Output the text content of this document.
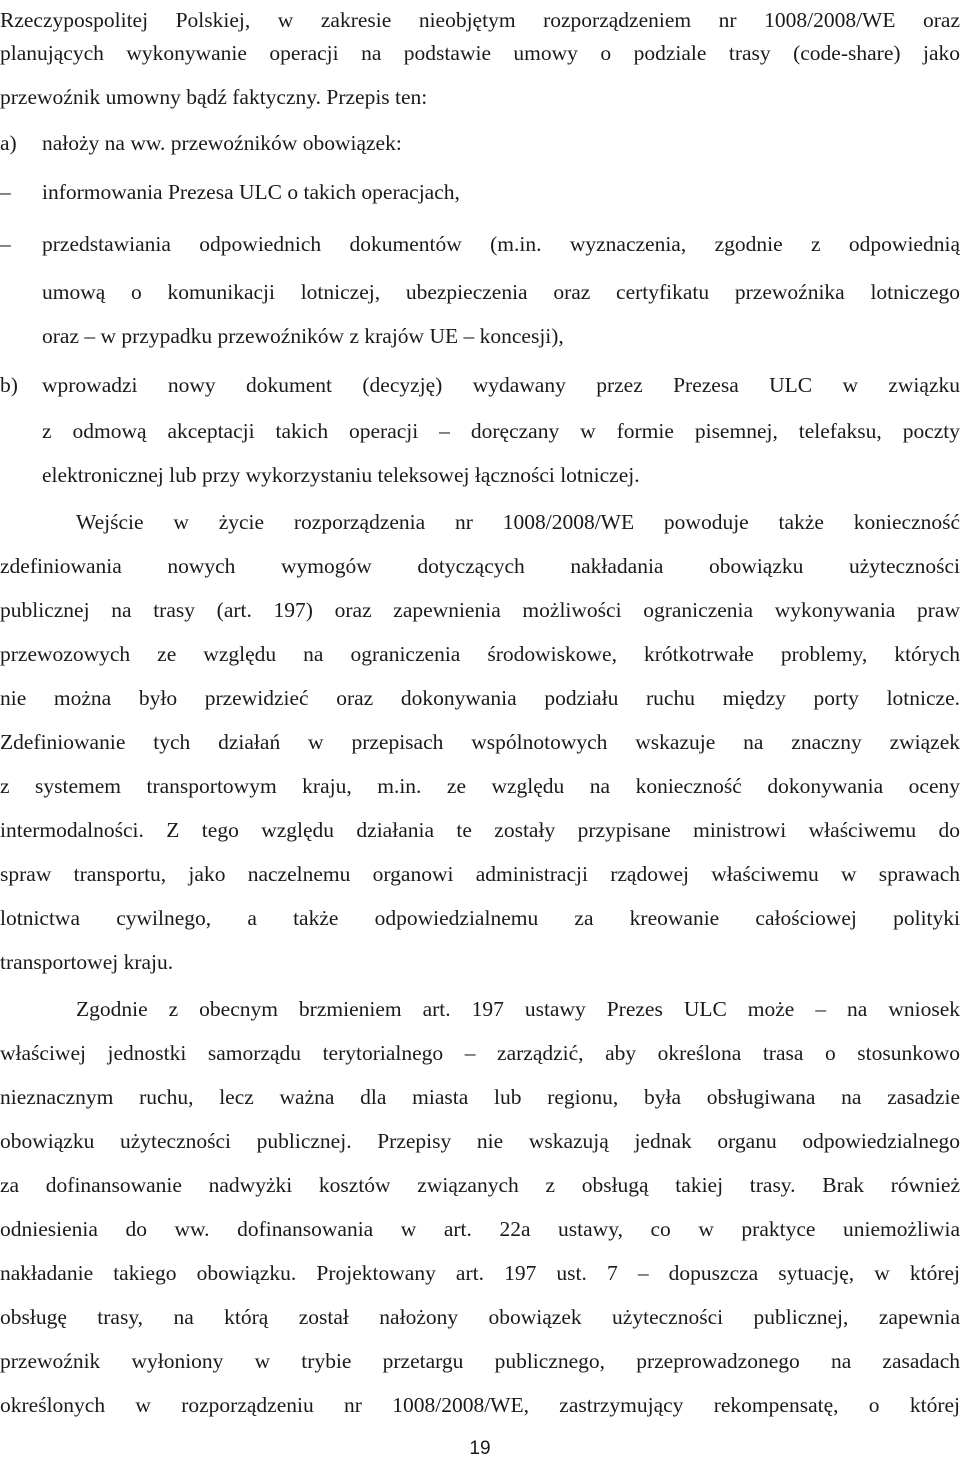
Rzeczypospolitej Polskiej, w zakresie nieobjętym rozporządzeniem nr 1008/2008/WE oraz
planujących wykonywanie operacji na podstawie umowy o podziale trasy (code-share) jako
przewoźnik umowny bądź faktyczny. Przepis ten:
a)	nałoży na ww. przewoźników obowiązek:
–	informowania Prezesa ULC o takich operacjach,
–	przedstawiania odpowiednich dokumentów (m.in. wyznaczenia, zgodnie z odpowiednią
umową o komunikacji lotniczej, ubezpieczenia oraz certyfikatu przewoźnika lotniczego
oraz – w przypadku przewoźników z krajów UE – koncesji),
b)	wprowadzi nowy dokument (decyzję) wydawany przez Prezesa ULC w związku
z odmową akceptacji takich operacji – doręczany w formie pisemnej, telefaksu, poczty
elektronicznej lub przy wykorzystaniu teleksowej łączności lotniczej.
Wejście w życie rozporządzenia nr 1008/2008/WE powoduje także konieczność
zdefiniowania nowych wymogów dotyczących nakładania obowiązku użyteczności
publicznej na trasy (art. 197) oraz zapewnienia możliwości ograniczenia wykonywania praw
przewozowych ze względu na ograniczenia środowiskowe, krótkotrwałe problemy, których
nie można było przewidzieć oraz dokonywania podziału ruchu między porty lotnicze.
Zdefiniowanie tych działań w przepisach wspólnotowych wskazuje na znaczny związek
z systemem transportowym kraju, m.in. ze względu na konieczność dokonywania oceny
intermodalności. Z tego względu działania te zostały przypisane ministrowi właściwemu do
spraw transportu, jako naczelnemu organowi administracji rządowej właściwemu w sprawach
lotnictwa cywilnego, a także odpowiedzialnemu za kreowanie całościowej polityki
transportowej kraju.
Zgodnie z obecnym brzmieniem art. 197 ustawy Prezes ULC może – na wniosek
właściwej jednostki samorządu terytorialnego – zarządzić, aby określona trasa o stosunkowo
nieznacznym ruchu, lecz ważna dla miasta lub regionu, była obsługiwana na zasadzie
obowiązku użyteczności publicznej. Przepisy nie wskazują jednak organu odpowiedzialnego
za dofinansowanie nadwyżki kosztów związanych z obsługą takiej trasy. Brak również
odniesienia do ww. dofinansowania w art. 22a ustawy, co w praktyce uniemożliwia
nakładanie takiego obowiązku. Projektowany art. 197 ust. 7 – dopuszcza sytuację, w której
obsługę trasy, na którą został nałożony obowiązek użyteczności publicznej, zapewnia
przewoźnik wyłoniony w trybie przetargu publicznego, przeprowadzonego na zasadach
określonych w rozporządzeniu nr 1008/2008/WE, zastrzymujący rekompensatę, o której
19
